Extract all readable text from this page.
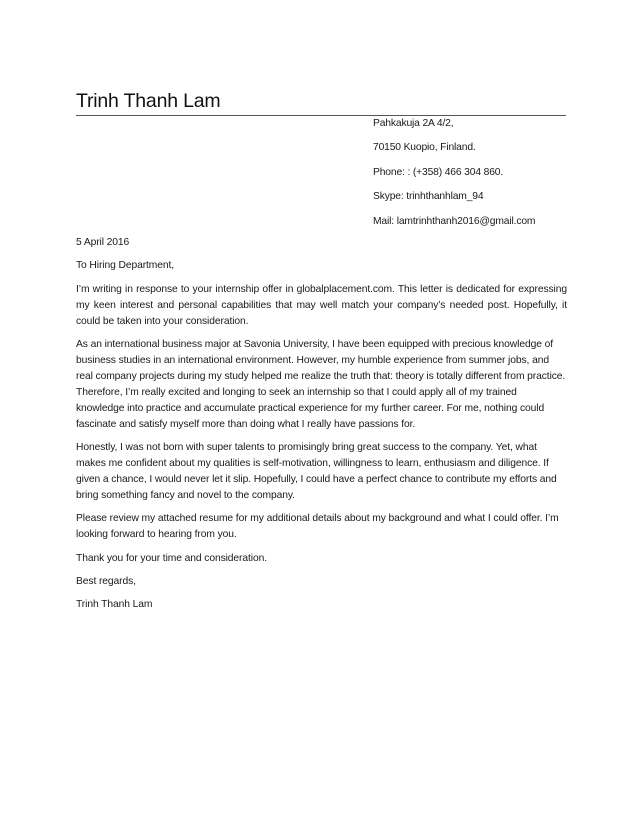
Trinh Thanh Lam
Pahkakuja 2A 4/2,
70150 Kuopio, Finland.
Phone: : (+358) 466 304 860.
Skype: trinhthanhlam_94
Mail: lamtrinhthanh2016@gmail.com
5 April 2016
To Hiring Department,
I’m writing in response to your internship offer in globalplacement.com. This letter is dedicated for expressing my keen interest and personal capabilities that may well match your company’s needed post. Hopefully, it could be taken into your consideration.
As an international business major at Savonia University, I have been equipped with precious knowledge of business studies in an international environment. However, my humble experience from summer jobs, and real company projects during my study helped me realize the truth that: theory is totally different from practice. Therefore, I’m really excited and longing to seek an internship so that I could apply all of my trained knowledge into practice and accumulate practical experience for my further career. For me, nothing could fascinate and satisfy myself more than doing what I really have passions for.
Honestly, I was not born with super talents to promisingly bring great success to the company. Yet, what makes me confident about my qualities is self-motivation, willingness to learn, enthusiasm and diligence. If given a chance, I would never let it slip. Hopefully, I could have a perfect chance to contribute my efforts and bring something fancy and novel to the company.
Please review my attached resume for my additional details about my background and what I could offer. I’m looking forward to hearing from you.
Thank you for your time and consideration.
Best regards,
Trinh Thanh Lam
